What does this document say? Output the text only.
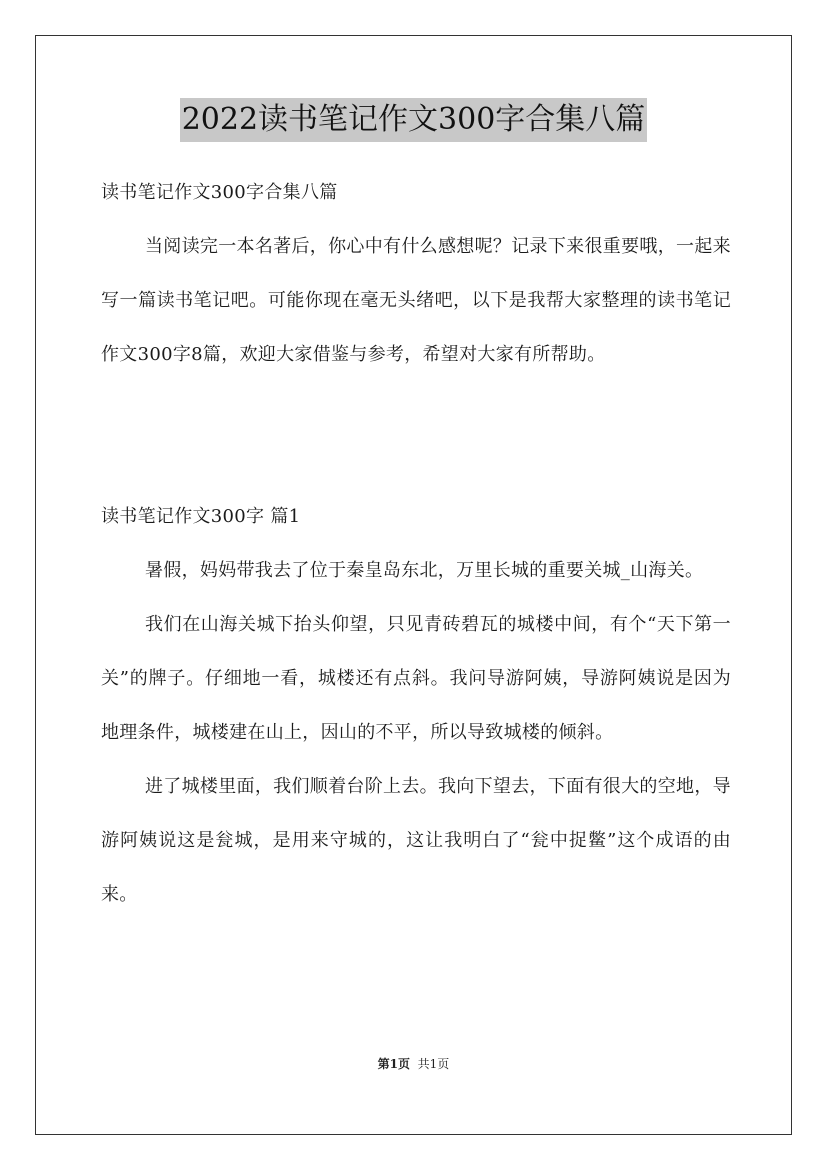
2022读书笔记作文300字合集八篇

读书笔记作文300字合集八篇

当阅读完一本名著后，你心中有什么感想呢？记录下来很重要哦，一起来写一篇读书笔记吧。可能你现在毫无头绪吧，以下是我帮大家整理的读书笔记作文300字8篇，欢迎大家借鉴与参考，希望对大家有所帮助。

读书笔记作文300字 篇1

暑假，妈妈带我去了位于秦皇岛东北，万里长城的重要关城_山海关。

我们在山海关城下抬头仰望，只见青砖碧瓦的城楼中间，有个“天下第一关”的牌子。仔细地一看，城楼还有点斜。我问导游阿姨，导游阿姨说是因为地理条件，城楼建在山上，因山的不平，所以导致城楼的倾斜。

进了城楼里面，我们顺着台阶上去。我向下望去，下面有很大的空地，导游阿姨说这是瓮城，是用来守城的，这让我明白了“瓮中捉鳖”这个成语的由来。

第1页 共1页
